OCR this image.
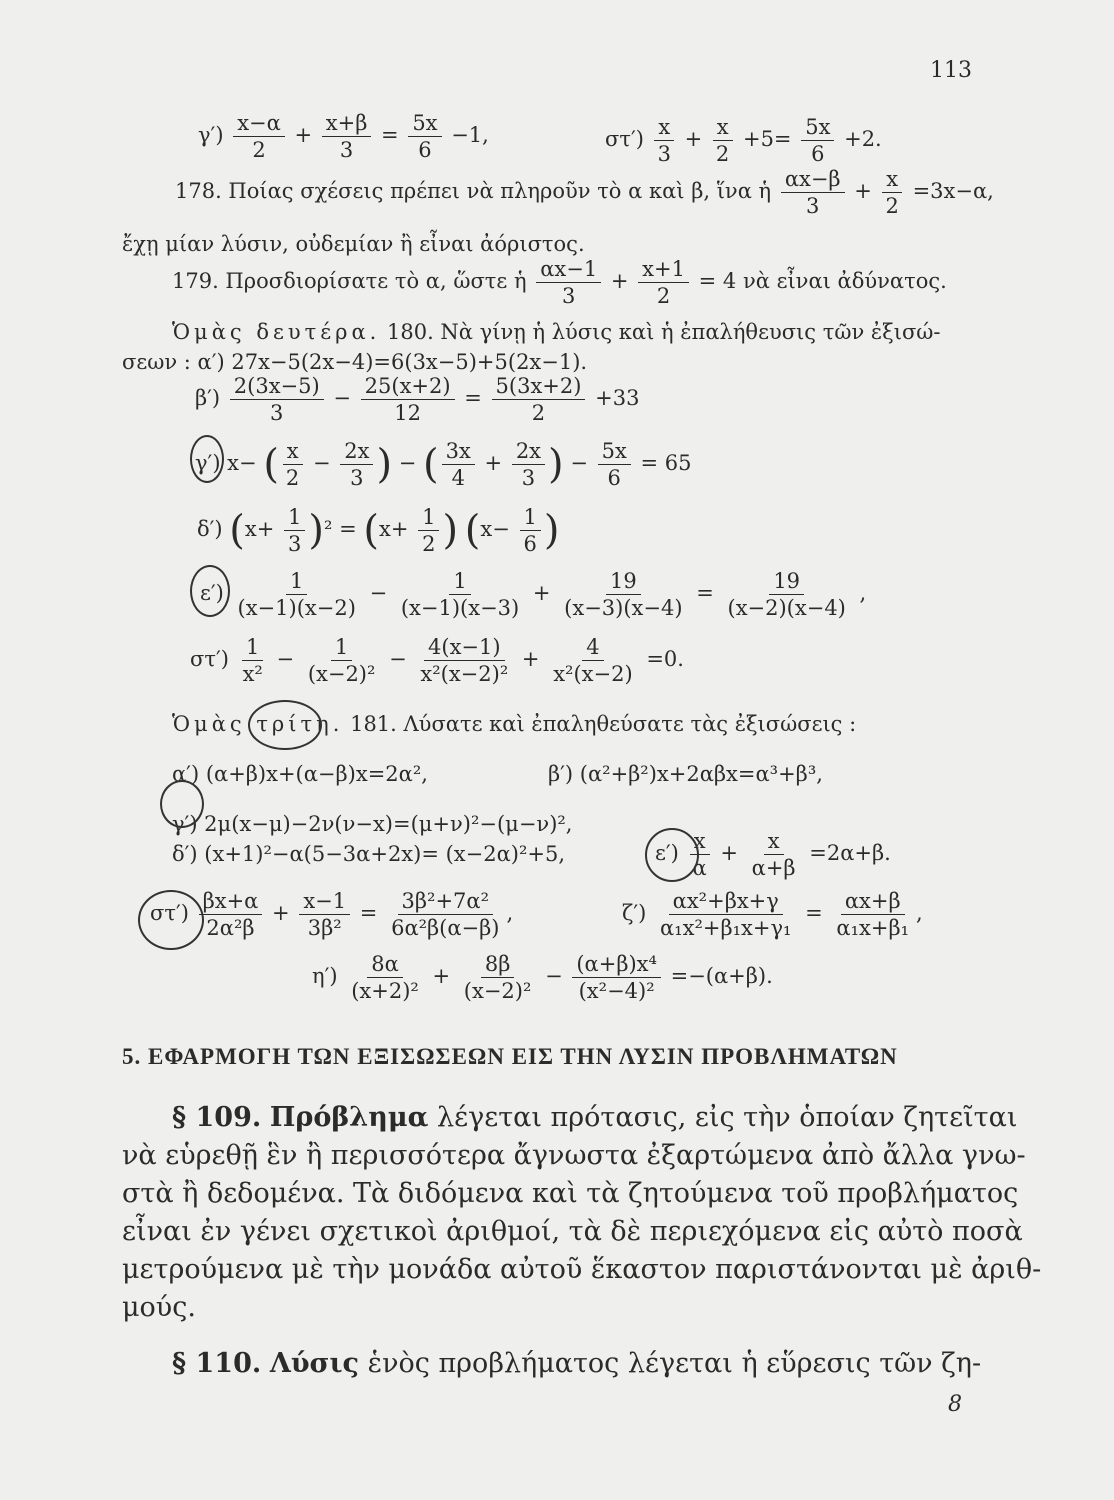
113
$\gamma') \frac{x-\alpha}{2} + \frac{x+\beta}{3} = \frac{5x}{6} -1$,	$\sigma\tau') \frac{x}{3} + \frac{x}{2} +5= \frac{5x}{6} +2$.
178. Ποίας σχέσεις πρέπει νὰ πληροῦν τὸ α καὶ β, ἵνα ἡ $\frac{\alpha x-\beta}{3} + \frac{x}{2} =3x-\alpha$,
ἔχῃ μίαν λύσιν, οὐδεμίαν ἢ εἶναι ἀόριστος.
179. Προσδιορίσατε τὸ α, ὥστε ἡ $\frac{\alpha x-1}{3} + \frac{x+1}{2} = 4$ νὰ εἶναι ἀδύνατος.
Ὁμὰς δευτέρα. 180. Νὰ γίνῃ ἡ λύσις καὶ ἡ ἐπαλήθευσις τῶν ἐξισώ-
σεων : α′) 27x−5(2x−4)=6(3x−5)+5(2x−1).
$\beta') \frac{2(3x-5)}{3} - \frac{25(x+2)}{12} = \frac{5(3x+2)}{2} +33$
γ′) x− ( $\frac{x}{2} - \frac{2x}{3}$ ) − ( $\frac{3x}{4} + \frac{2x}{3}$ ) − $\frac{5x}{6} = 65$
δ′) $(x+ \frac{1}{3} )^2 = (x+ \frac{1}{2}$ ) ($x- \frac{1}{6}$ )
$\varepsilon') \frac{1}{(x-1)(x-2)} - \frac{1}{(x-1)(x-3)} + \frac{19}{(x-3)(x-4)} = \frac{19}{(x-2)(x-4)}$ ,
$\sigma\tau') \frac{1}{\text{x²}} - \frac{1}{\text{(x−2)²}} - \frac{4(x-1)}{\text{x²(x−2)²}} + \frac{4}{\text{x²(x−2)}} =0$.
Ὁμὰς τρίτη. 181. Λύσατε καὶ ἐπαληθεύσατε τὰς ἐξισώσεις :
α′) (α+β)x+(α−β)x=2α²,	β′) (α²+β²)x+2αβx=α³+β³,
γ′) 2μ(x−μ)−2ν(ν−x)=(μ+ν)²−(μ−ν)²,
δ′) (x+1)²−α(5−3α+2x)= (x−2α)²+5,	$\varepsilon') \frac{x}{\alpha} + \frac{x}{\alpha+\beta} =2\alpha+\beta$.
$\sigma\tau') \frac{\beta x+\alpha}{\text{2α²β}} + \frac{x-1}{\text{3β²}} = \frac{\text{3β²+7α²}}{\text{6α²β(α−β)}}$ ,	$\zeta') \frac{\text{αx²+βx+γ}}{\text{α₁x²+β₁x+γ₁}} = \frac{\alpha x+\beta}{\text{α₁x+β₁}}$ ,
$\eta') \frac{8\alpha}{\text{(x+2)²}} + \frac{8\beta}{\text{(x−2)²}} - \frac{\text{(α+β)x⁴}}{\text{(x²−4)²}} =-(\alpha+\beta)$.
5. ΕΦΑΡΜΟΓΗ ΤΩΝ ΕΞΙΣΩΣΕΩΝ ΕΙΣ ΤΗΝ ΛΥΣΙΝ ΠΡΟΒΛΗΜΑΤΩΝ
§ 109. Πρόβλημα λέγεται πρότασις, εἰς τὴν ὁποίαν ζητεῖται
νὰ εὑρεθῇ ἓν ἢ περισσότερα ἄγνωστα ἐξαρτώμενα ἀπὸ ἄλλα γνω-
στὰ ἢ δεδομένα. Τὰ διδόμενα καὶ τὰ ζητούμενα τοῦ προβλήματος
εἶναι ἐν γένει σχετικοὶ ἀριθμοί, τὰ δὲ περιεχόμενα εἰς αὐτὸ ποσὰ
μετρούμενα μὲ τὴν μονάδα αὐτοῦ ἕκαστον παριστάνονται μὲ ἀριθ-
μούς.
§ 110. Λύσις ἑνὸς προβλήματος λέγεται ἡ εὕρεσις τῶν ζη-
8
